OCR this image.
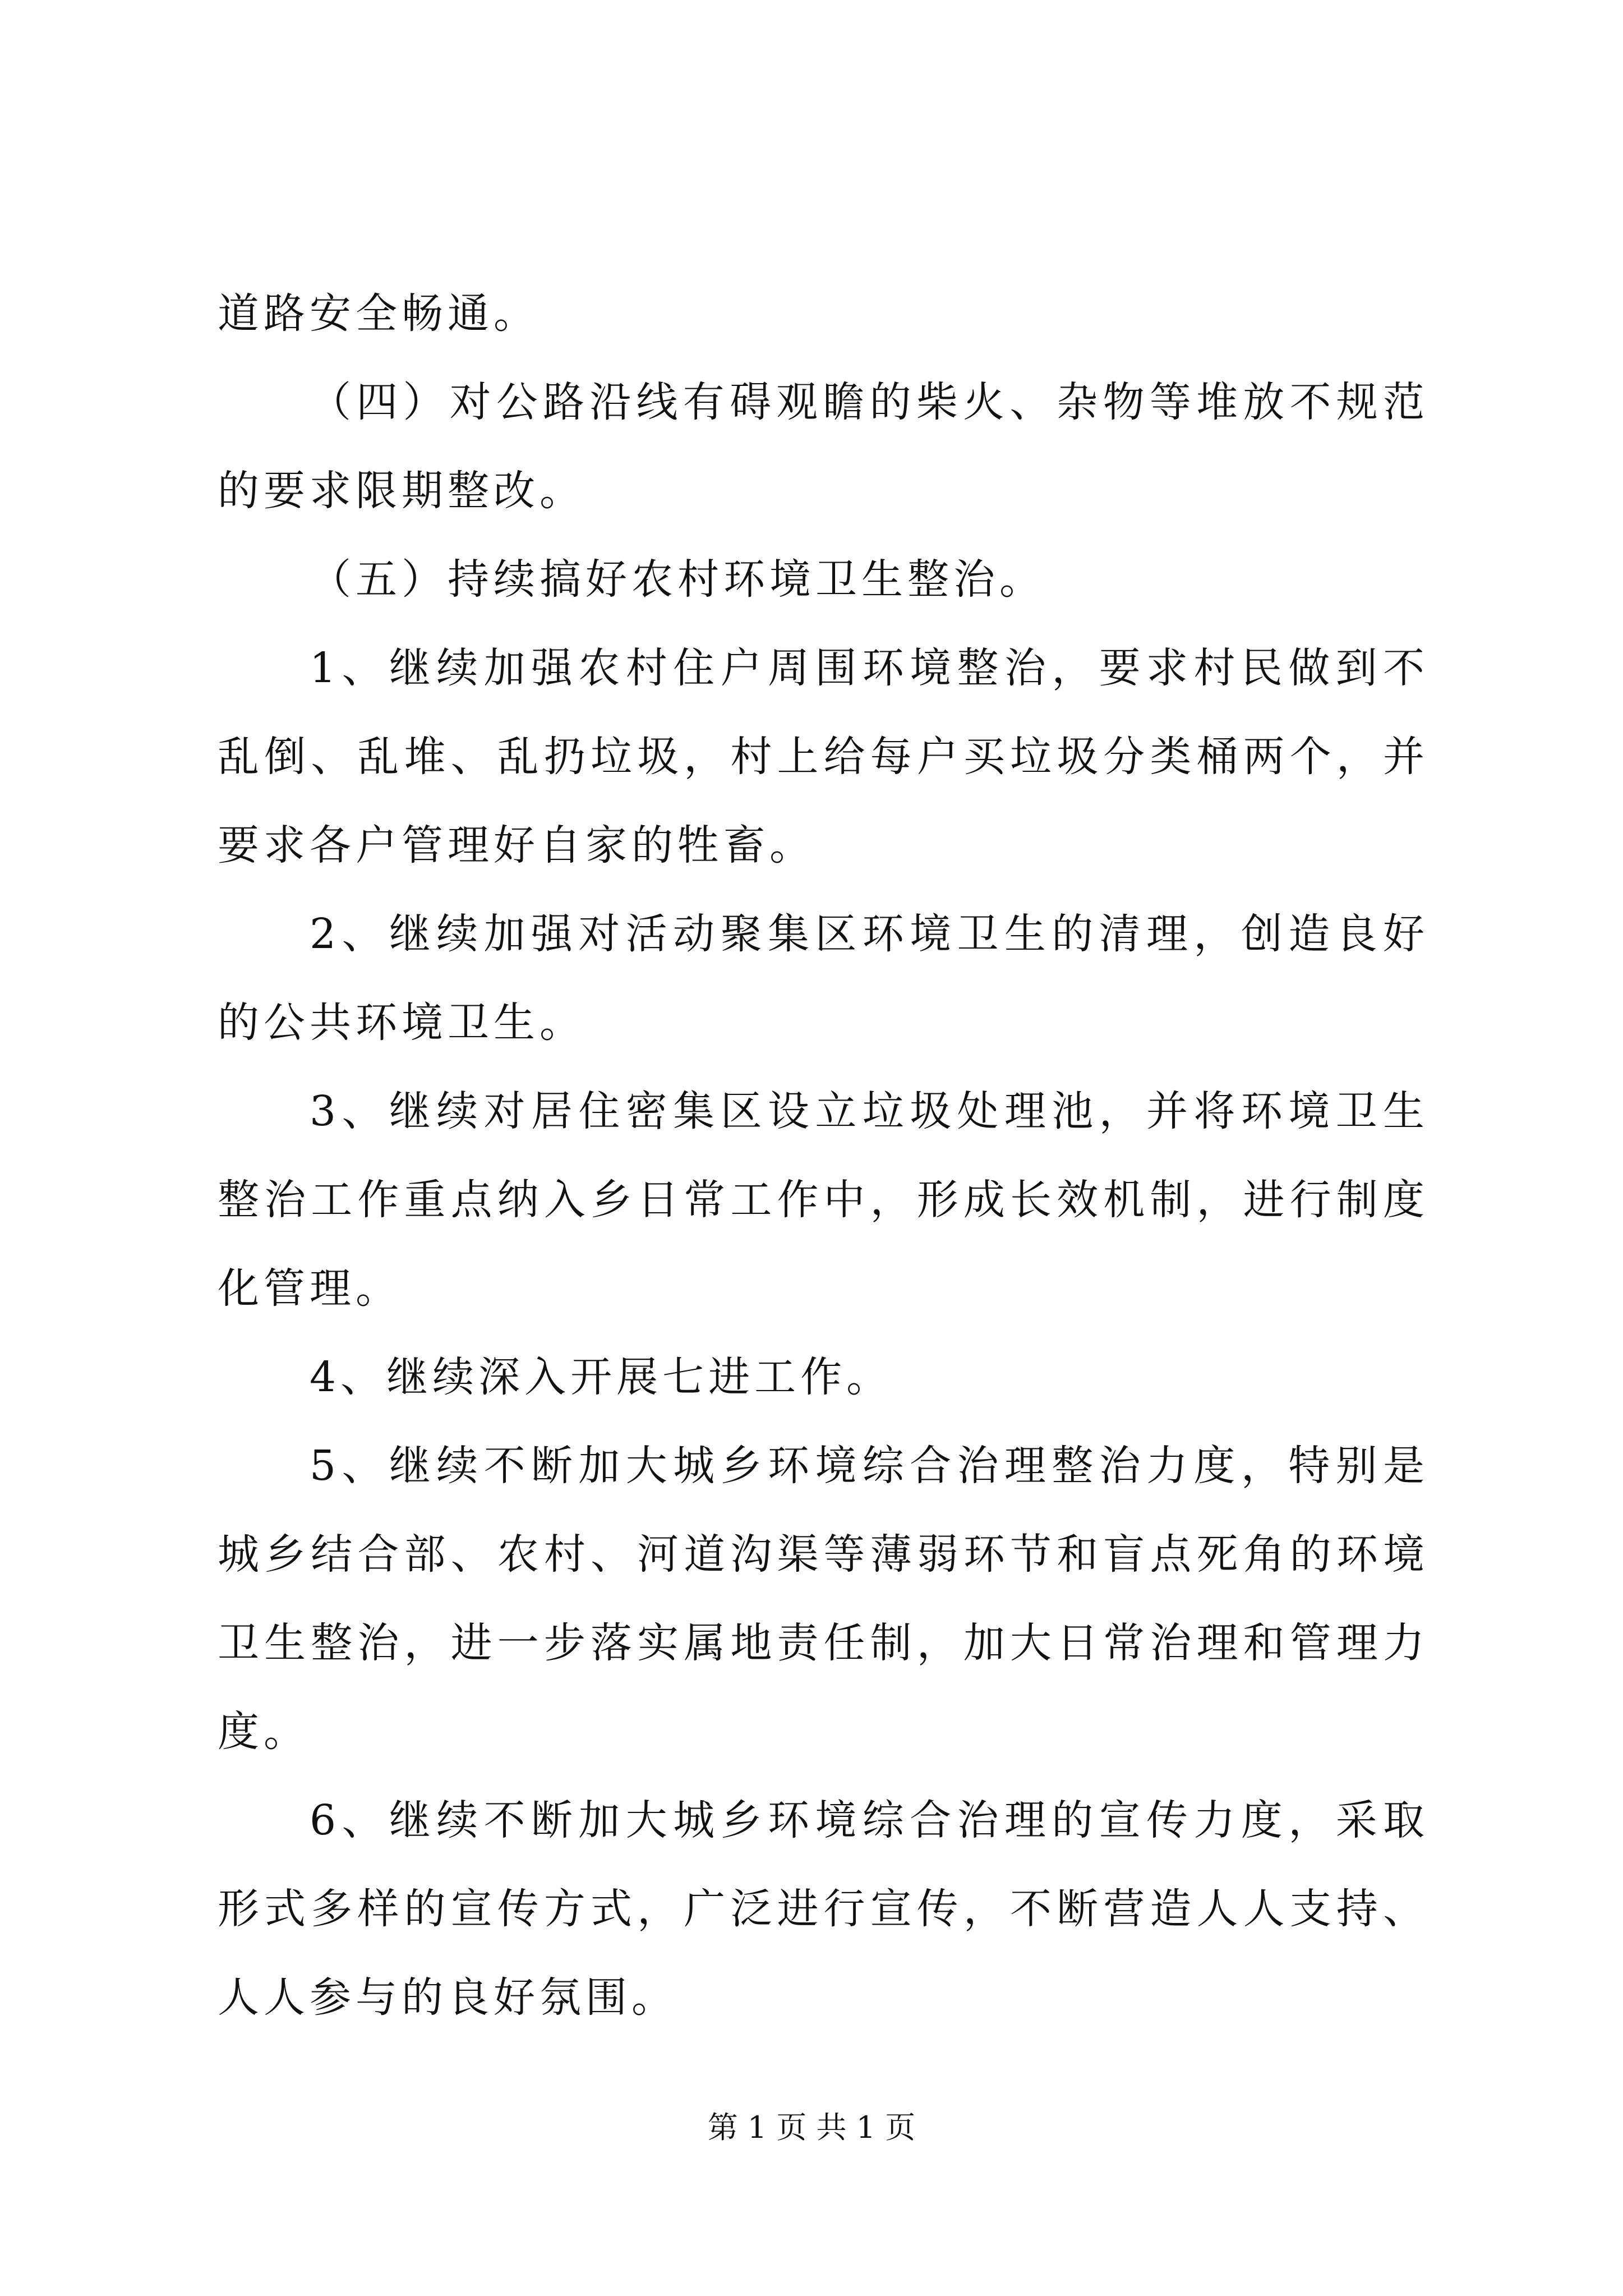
道路安全畅通。

（四）对公路沿线有碍观瞻的柴火、杂物等堆放不规范的要求限期整改。

（五）持续搞好农村环境卫生整治。

1、继续加强农村住户周围环境整治，要求村民做到不乱倒、乱堆、乱扔垃圾，村上给每户买垃圾分类桶两个，并要求各户管理好自家的牲畜。

2、继续加强对活动聚集区环境卫生的清理，创造良好的公共环境卫生。

3、继续对居住密集区设立垃圾处理池，并将环境卫生整治工作重点纳入乡日常工作中，形成长效机制，进行制度化管理。

4、继续深入开展七进工作。

5、继续不断加大城乡环境综合治理整治力度，特别是城乡结合部、农村、河道沟渠等薄弱环节和盲点死角的环境卫生整治，进一步落实属地责任制，加大日常治理和管理力度。

6、继续不断加大城乡环境综合治理的宣传力度，采取形式多样的宣传方式，广泛进行宣传，不断营造人人支持、人人参与的良好氛围。

第 1 页 共 1 页
